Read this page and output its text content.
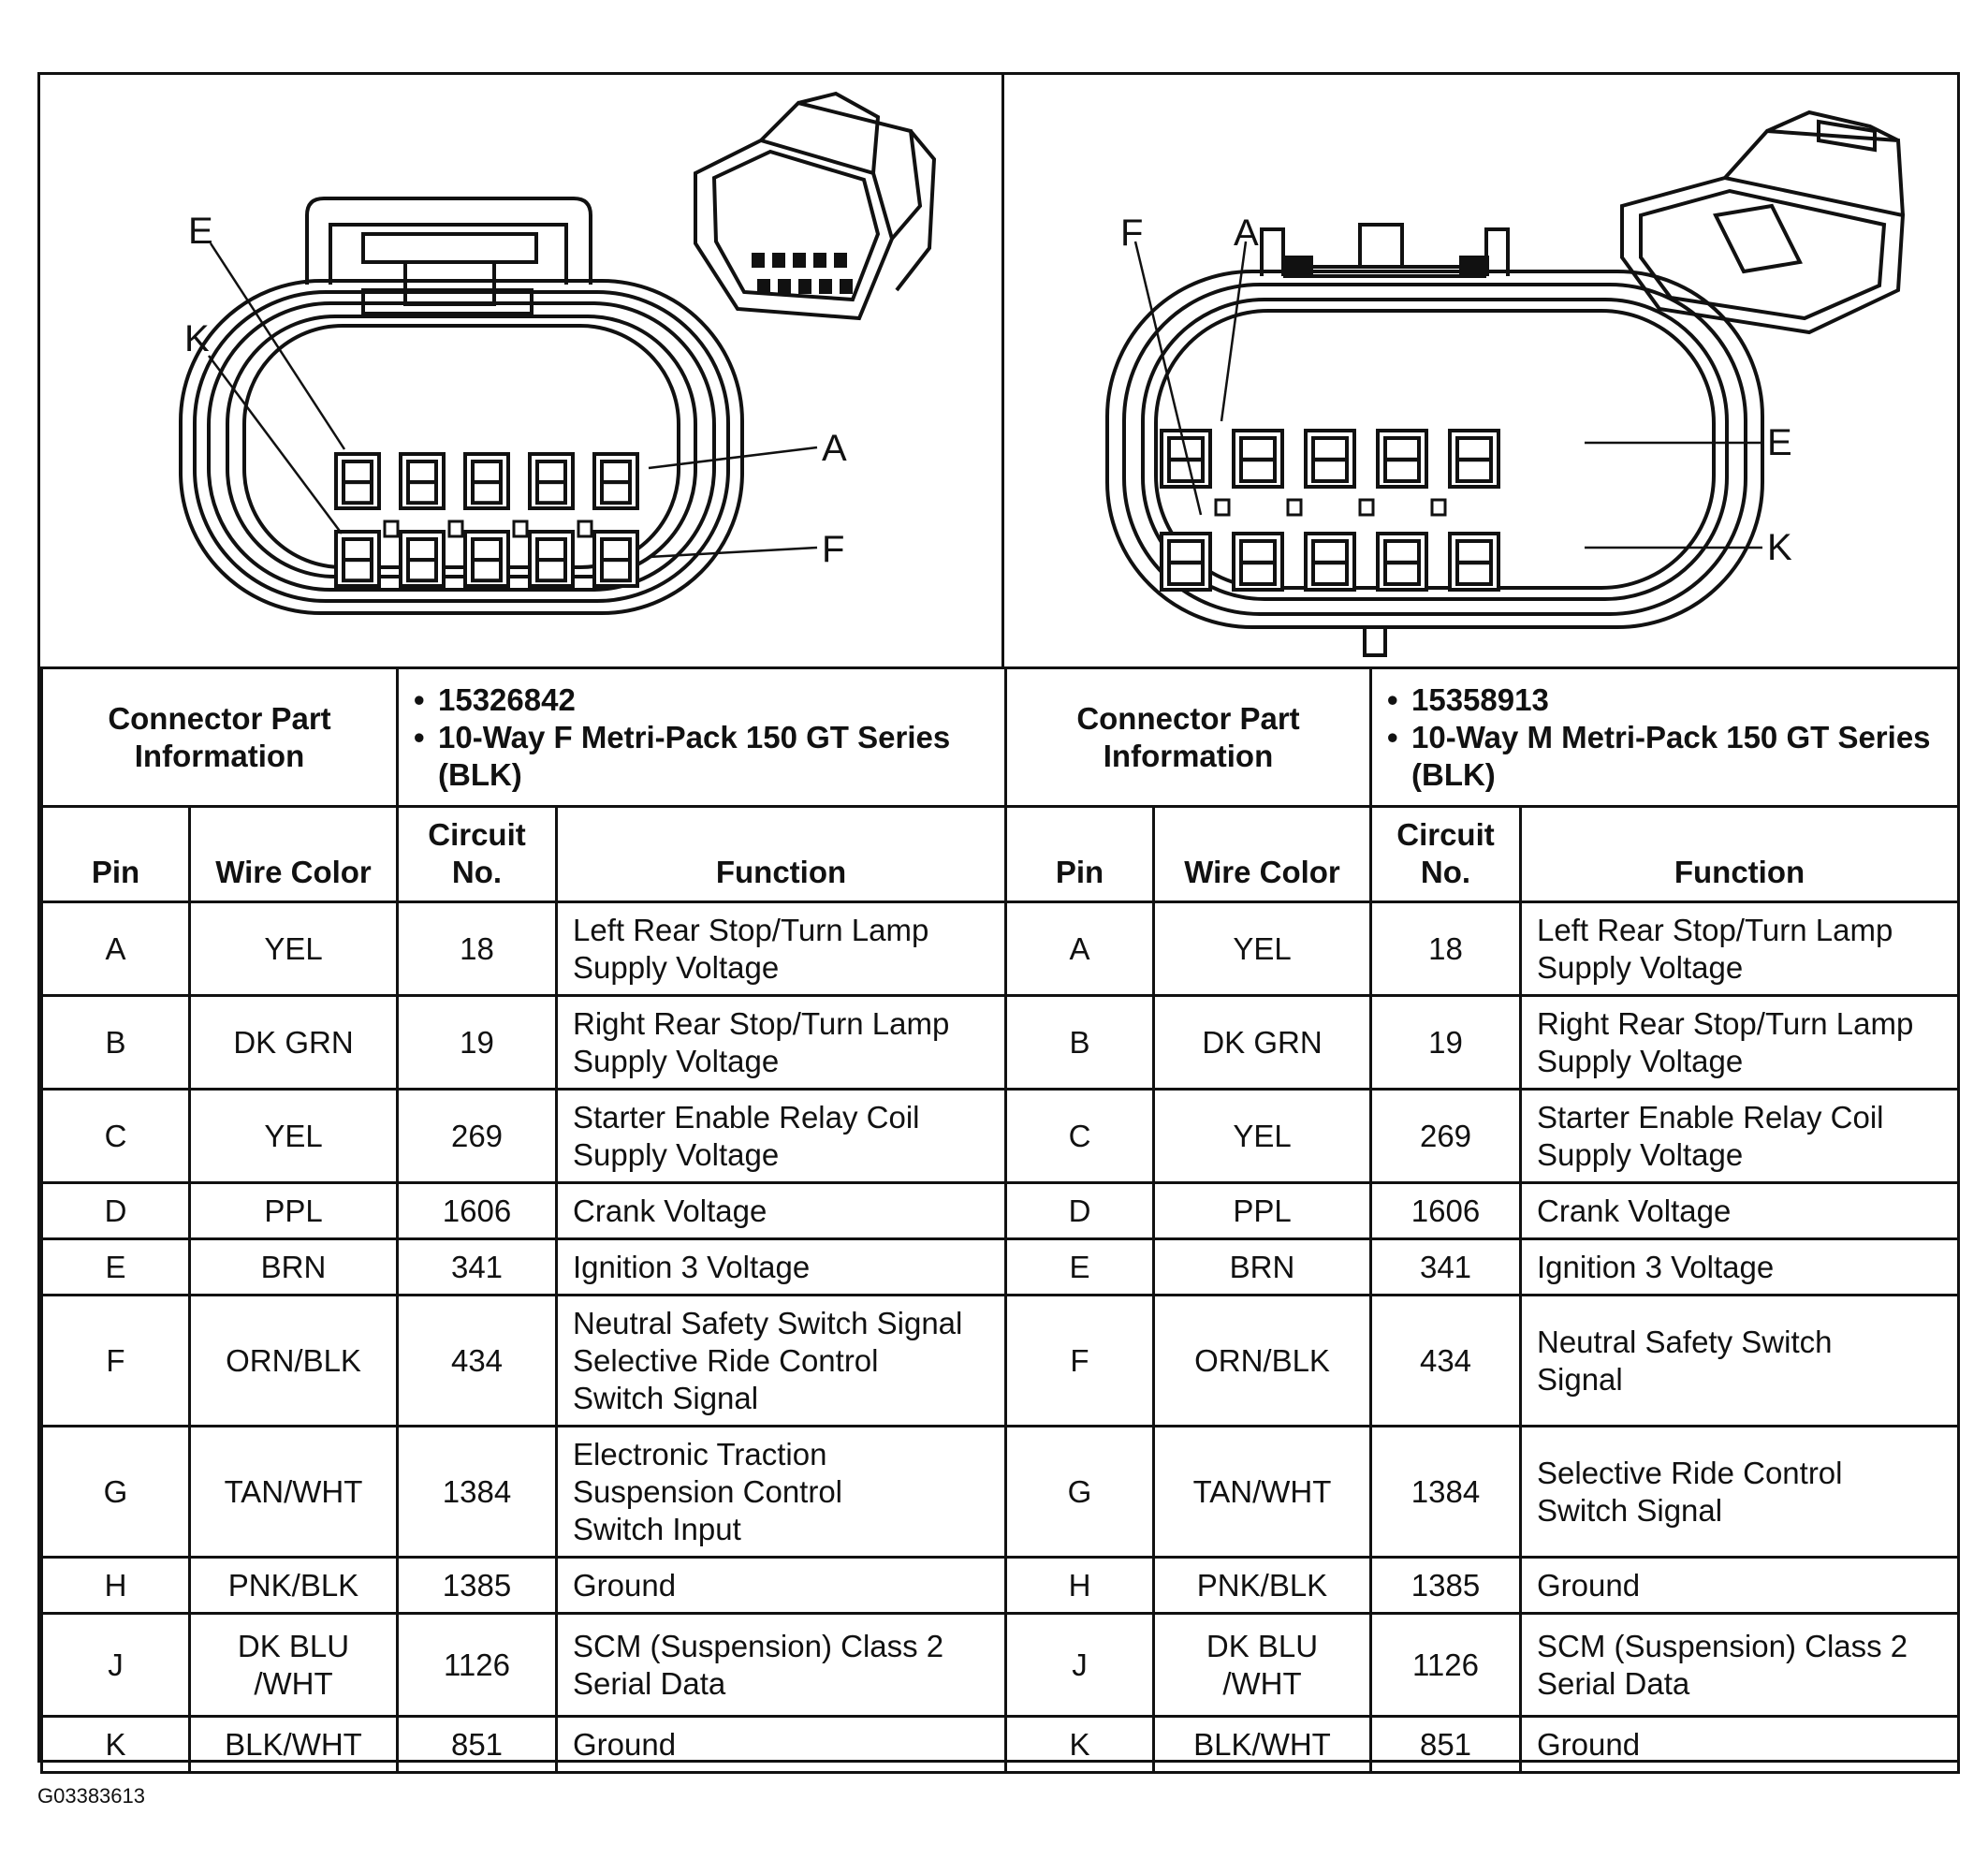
E
K
A
F
F A
E
K
Connector Part Information		• 15326842
• 10-Way F Metri-Pack 150 GT Series (BLK)

Pin	Wire Color	Circuit No.	Function
A	YEL	18	Left Rear Stop/Turn Lamp
Supply Voltage

B	DK GRN	19	Right Rear Stop/Turn Lamp
Supply Voltage

C	YEL	269	Starter Enable Relay Coil
Supply Voltage

D	PPL	1606	Crank Voltage

E	BRN	341	Ignition 3 Voltage

F	ORN/BLK	434	Neutral Safety Switch Signal
Selective Ride Control
Switch Signal

G	TAN/WHT	1384	Electronic Traction
Suspension Control
Switch Input

H	PNK/BLK	1385	Ground

J	DK BLU /WHT	1126	SCM (Suspension) Class 2
Serial Data

K	BLK/WHT	851	Ground
Connector Part Information		• 15358913
• 10-Way M Metri-Pack 150 GT Series (BLK)

Pin	Wire Color	Circuit No.	Function
A	YEL	18	Left Rear Stop/Turn Lamp
Supply Voltage

B	DK GRN	19	Right Rear Stop/Turn Lamp
Supply Voltage

C	YEL	269	Starter Enable Relay Coil
Supply Voltage

D	PPL	1606	Crank Voltage

E	BRN	341	Ignition 3 Voltage

F	ORN/BLK	434	Neutral Safety Switch
Signal

G	TAN/WHT	1384	Selective Ride Control
Switch Signal

H	PNK/BLK	1385	Ground

J	DK BLU /WHT	1126	SCM (Suspension) Class 2
Serial Data

K	BLK/WHT	851	Ground
G03383613
